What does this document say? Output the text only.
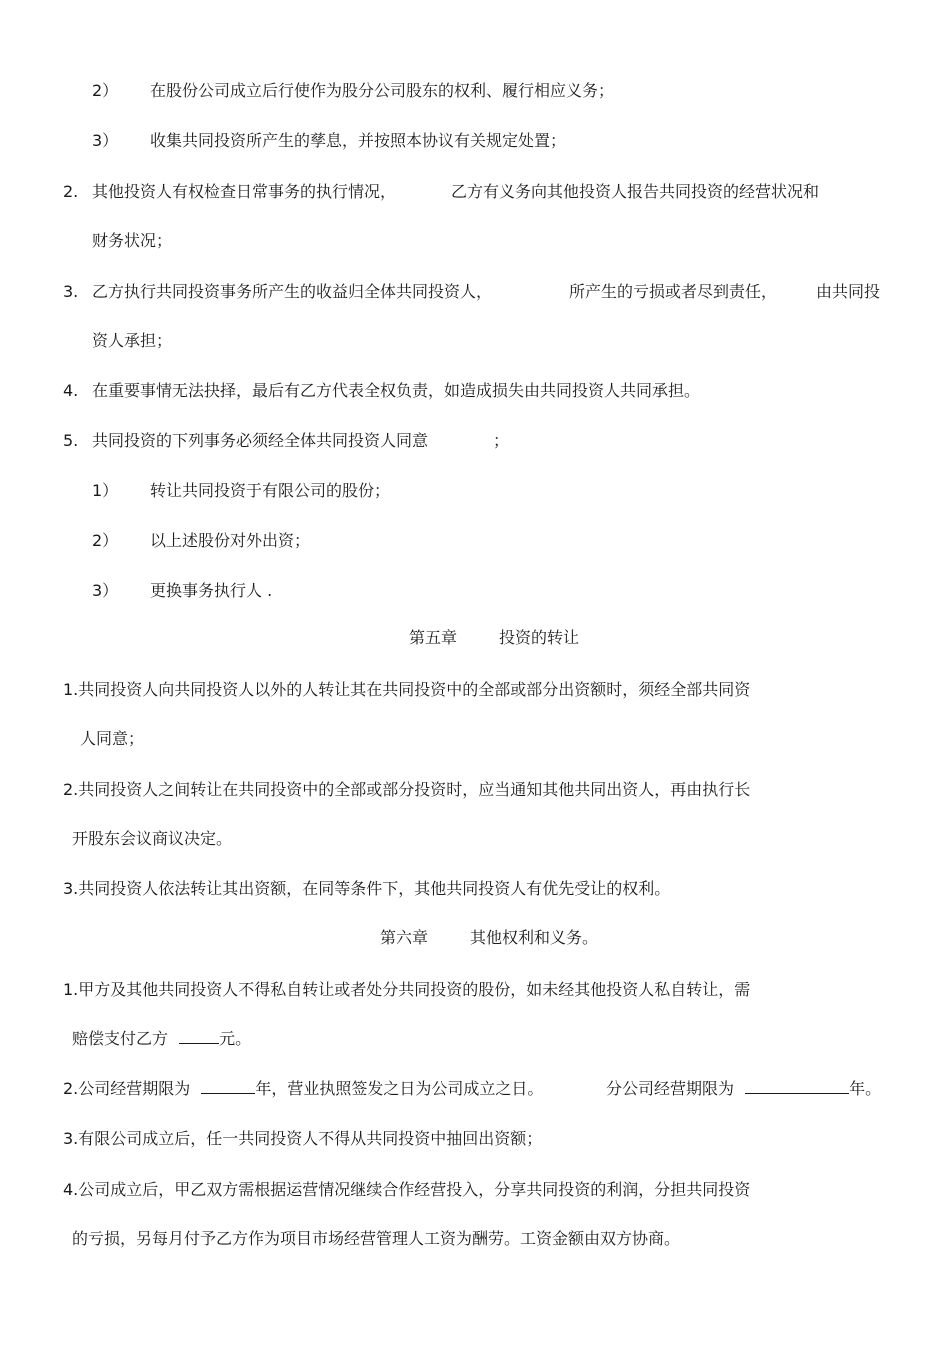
2） 在股份公司成立后行使作为股分公司股东的权利、履行相应义务；
3） 收集共同投资所产生的孳息，并按照本协议有关规定处置；
2. 其他投资人有权检查日常事务的执行情况，	乙方有义务向其他投资人报告共同投资的经营状况和
财务状况；
3. 乙方执行共同投资事务所产生的收益归全体共同投资人，	所产生的亏损或者尽到责任， 由共同投
资人承担；
4. 在重要事情无法抉择，最后有乙方代表全权负责，如造成损失由共同投资人共同承担。
5. 共同投资的下列事务必须经全体共同投资人同意	；
1） 转让共同投资于有限公司的股份；
2） 以上述股份对外出资；
3） 更换事务执行人 .
第五章	投资的转让
1.共同投资人向共同投资人以外的人转让其在共同投资中的全部或部分出资额时，须经全部共同资
人同意；
2.共同投资人之间转让在共同投资中的全部或部分投资时，应当通知其他共同出资人，再由执行长
开股东会议商议决定。
3.共同投资人依法转让其出资额，在同等条件下，其他共同投资人有优先受让的权利。
第六章	其他权利和义务。
1.甲方及其他共同投资人不得私自转让或者处分共同投资的股份，如未经其他投资人私自转让，需
赔偿支付乙方	元。
2.公司经营期限为	年，营业执照签发之日为公司成立之日。	分公司经营期限为	年。
3.有限公司成立后，任一共同投资人不得从共同投资中抽回出资额；
4.公司成立后，甲乙双方需根据运营情况继续合作经营投入，分享共同投资的利润，分担共同投资
的亏损，另每月付予乙方作为项目市场经营管理人工资为酬劳。工资金额由双方协商。
